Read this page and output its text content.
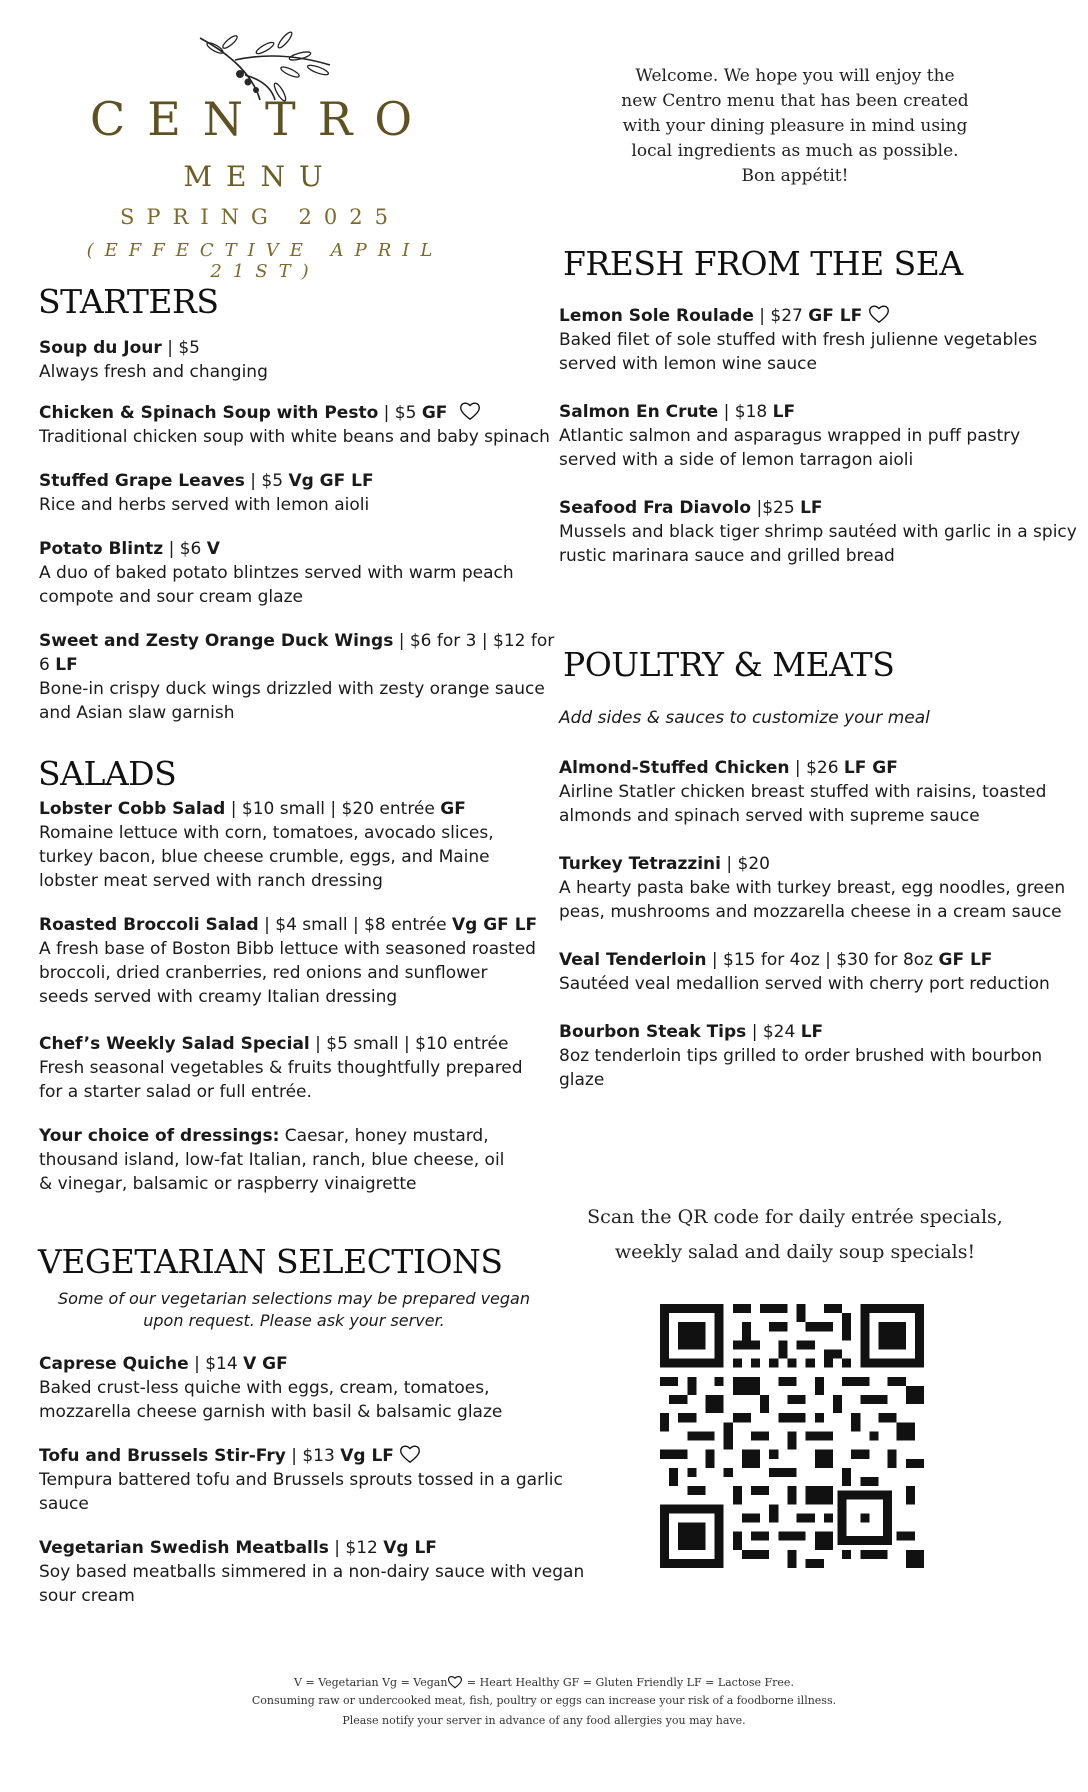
CENTRO
MENU
SPRING 2025
(EFFECTIVE APRIL 21ST)
Welcome. We hope you will enjoy the
new Centro menu that has been created
with your dining pleasure in mind using
local ingredients as much as possible.
Bon appétit!
STARTERS
Soup du Jour | $5
Always fresh and changing
Chicken & Spinach Soup with Pesto | $5 GF
Traditional chicken soup with white beans and baby spinach
Stuffed Grape Leaves | $5 Vg GF LF
Rice and herbs served with lemon aioli
Potato Blintz | $6 V
A duo of baked potato blintzes served with warm peach compote and sour cream glaze
Sweet and Zesty Orange Duck Wings | $6 for 3 | $12 for 6 LF
Bone-in crispy duck wings drizzled with zesty orange sauce and Asian slaw garnish
SALADS
Lobster Cobb Salad | $10 small | $20 entrée GF
Romaine lettuce with corn, tomatoes, avocado slices, turkey bacon, blue cheese crumble, eggs, and Maine lobster meat served with ranch dressing
Roasted Broccoli Salad | $4 small | $8 entrée Vg GF LF
A fresh base of Boston Bibb lettuce with seasoned roasted broccoli, dried cranberries, red onions and sunflower seeds served with creamy Italian dressing
Chef’s Weekly Salad Special | $5 small | $10 entrée
Fresh seasonal vegetables & fruits thoughtfully prepared for a starter salad or full entrée.
Your choice of dressings: Caesar, honey mustard, thousand island, low-fat Italian, ranch, blue cheese, oil & vinegar, balsamic or raspberry vinaigrette
VEGETARIAN SELECTIONS
Some of our vegetarian selections may be prepared vegan
upon request. Please ask your server.
Caprese Quiche | $14 V GF
Baked crust-less quiche with eggs, cream, tomatoes, mozzarella cheese garnish with basil & balsamic glaze
Tofu and Brussels Stir-Fry | $13 Vg LF
Tempura battered tofu and Brussels sprouts tossed in a garlic sauce
Vegetarian Swedish Meatballs | $12 Vg LF
Soy based meatballs simmered in a non-dairy sauce with vegan sour cream
FRESH FROM THE SEA
Lemon Sole Roulade | $27 GF LF
Baked filet of sole stuffed with fresh julienne vegetables served with lemon wine sauce
Salmon En Crute | $18 LF
Atlantic salmon and asparagus wrapped in puff pastry served with a side of lemon tarragon aioli
Seafood Fra Diavolo |$25 LF
Mussels and black tiger shrimp sautéed with garlic in a spicy rustic marinara sauce and grilled bread
POULTRY & MEATS
Add sides & sauces to customize your meal
Almond-Stuffed Chicken | $26 LF GF
Airline Statler chicken breast stuffed with raisins, toasted almonds and spinach served with supreme sauce
Turkey Tetrazzini | $20
A hearty pasta bake with turkey breast, egg noodles, green peas, mushrooms and mozzarella cheese in a cream sauce
Veal Tenderloin | $15 for 4oz | $30 for 8oz GF LF
Sautéed veal medallion served with cherry port reduction
Bourbon Steak Tips | $24 LF
8oz tenderloin tips grilled to order brushed with bourbon glaze
Scan the QR code for daily entrée specials,
weekly salad and daily soup specials!
V = Vegetarian Vg = Vegan = Heart Healthy GF = Gluten Friendly LF = Lactose Free.
Consuming raw or undercooked meat, fish, poultry or eggs can increase your risk of a foodborne illness.
Please notify your server in advance of any food allergies you may have.
